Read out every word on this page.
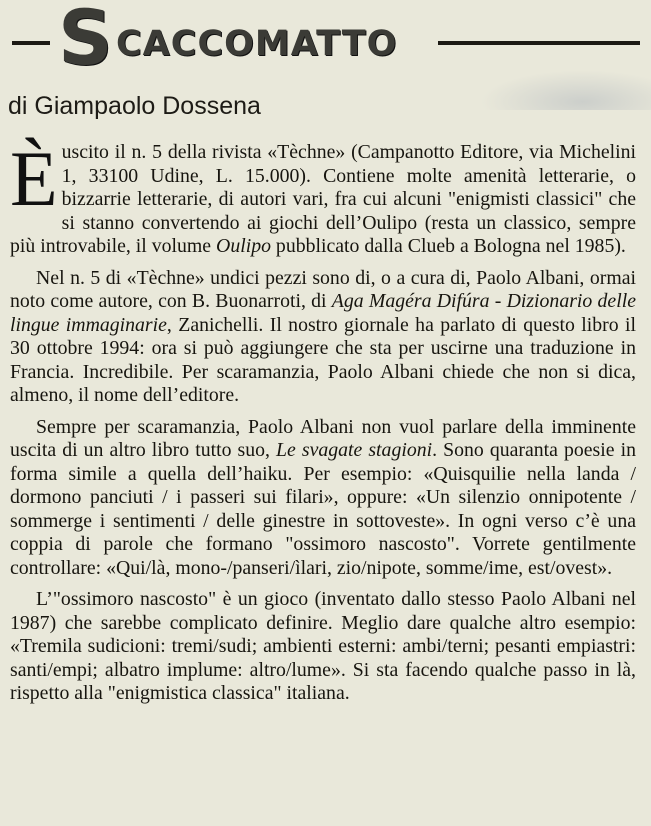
S CACCOMATTO
di Giampaolo Dossena

Èuscito il n. 5 della rivista «Tèchne» (Campanotto Editore, via Michelini 1, 33100 Udine, L. 15.000). Contiene molte amenità letterarie, o bizzarrie letterarie, di autori vari, fra cui alcuni "enigmisti classici" che si stanno convertendo ai giochi dell’Oulipo (resta un classico, sempre più introvabile, il volume Oulipo pubblicato dalla Clueb a Bologna nel 1985).

Nel n. 5 di «Tèchne» undici pezzi sono di, o a cura di, Paolo Albani, ormai noto come autore, con B. Buonarroti, di Aga Magéra Difúra - Dizionario delle lingue immaginarie, Zanichelli. Il nostro giornale ha parlato di questo libro il 30 ottobre 1994: ora si può aggiungere che sta per uscirne una traduzione in Francia. Incredibile. Per scaramanzia, Paolo Albani chiede che non si dica, almeno, il nome dell’editore.

Sempre per scaramanzia, Paolo Albani non vuol parlare della imminente uscita di un altro libro tutto suo, Le svagate stagioni. Sono quaranta poesie in forma simile a quella dell’haiku. Per esempio: «Quisquilie nella landa / dormono panciuti / i passeri sui filari», oppure: «Un silenzio onnipotente / sommerge i sentimenti / delle ginestre in sottoveste». In ogni verso c’è una coppia di parole che formano "ossimoro nascosto". Vorrete gentilmente controllare: «Qui/là, mono-/panseri/ìlari, zio/nipote, somme/ime, est/ovest».

L’"ossimoro nascosto" è un gioco (inventato dallo stesso Paolo Albani nel 1987) che sarebbe complicato definire. Meglio dare qualche altro esempio: «Tremila sudicioni: tremi/sudi; ambienti esterni: ambi/terni; pesanti empiastri: santi/empi; albatro implume: altro/lume». Si sta facendo qualche passo in là, rispetto alla "enigmistica classica" italiana.
